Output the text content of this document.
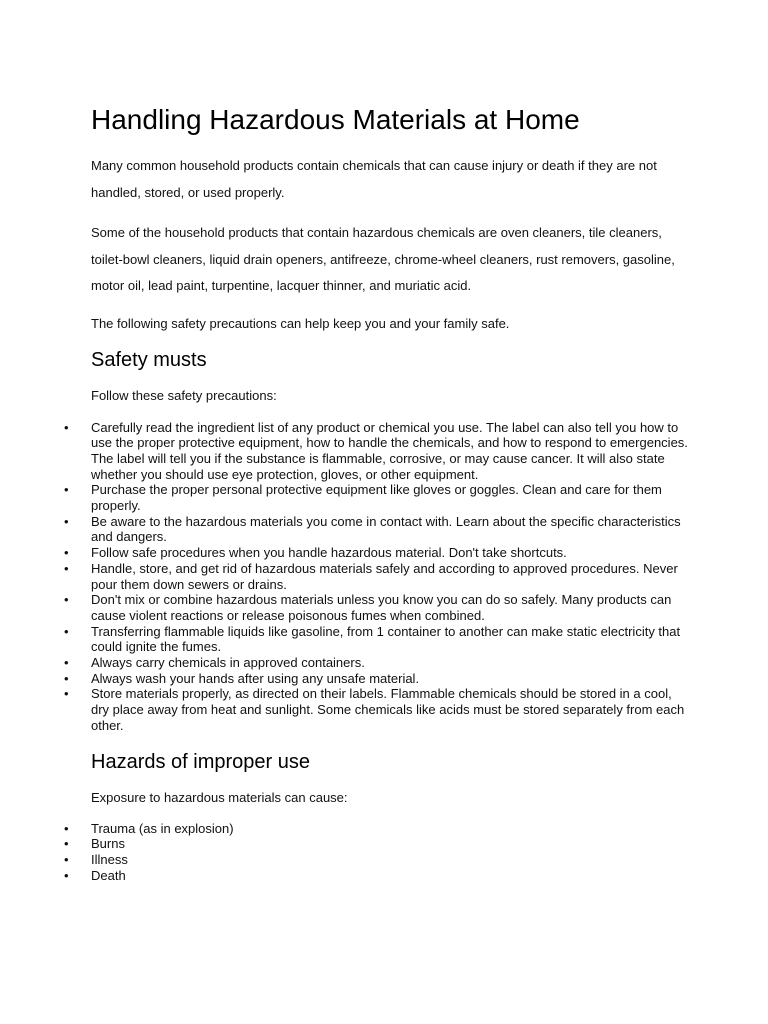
Handling Hazardous Materials at Home

Many common household products contain chemicals that can cause injury or death if they are not handled, stored, or used properly.

Some of the household products that contain hazardous chemicals are oven cleaners, tile cleaners, toilet-bowl cleaners, liquid drain openers, antifreeze, chrome-wheel cleaners, rust removers, gasoline, motor oil, lead paint, turpentine, lacquer thinner, and muriatic acid.

The following safety precautions can help keep you and your family safe.

Safety musts

Follow these safety precautions:

• Carefully read the ingredient list of any product or chemical you use. The label can also tell you how to use the proper protective equipment, how to handle the chemicals, and how to respond to emergencies. The label will tell you if the substance is flammable, corrosive, or may cause cancer. It will also state whether you should use eye protection, gloves, or other equipment.
• Purchase the proper personal protective equipment like gloves or goggles. Clean and care for them properly.
• Be aware to the hazardous materials you come in contact with. Learn about the specific characteristics and dangers.
• Follow safe procedures when you handle hazardous material. Don't take shortcuts.
• Handle, store, and get rid of hazardous materials safely and according to approved procedures. Never pour them down sewers or drains.
• Don't mix or combine hazardous materials unless you know you can do so safely. Many products can cause violent reactions or release poisonous fumes when combined.
• Transferring flammable liquids like gasoline, from 1 container to another can make static electricity that could ignite the fumes.
• Always carry chemicals in approved containers.
• Always wash your hands after using any unsafe material.
• Store materials properly, as directed on their labels. Flammable chemicals should be stored in a cool, dry place away from heat and sunlight. Some chemicals like acids must be stored separately from each other.
Hazards of improper use

Exposure to hazardous materials can cause:

• Trauma (as in explosion)
• Burns
• Illness
• Death
